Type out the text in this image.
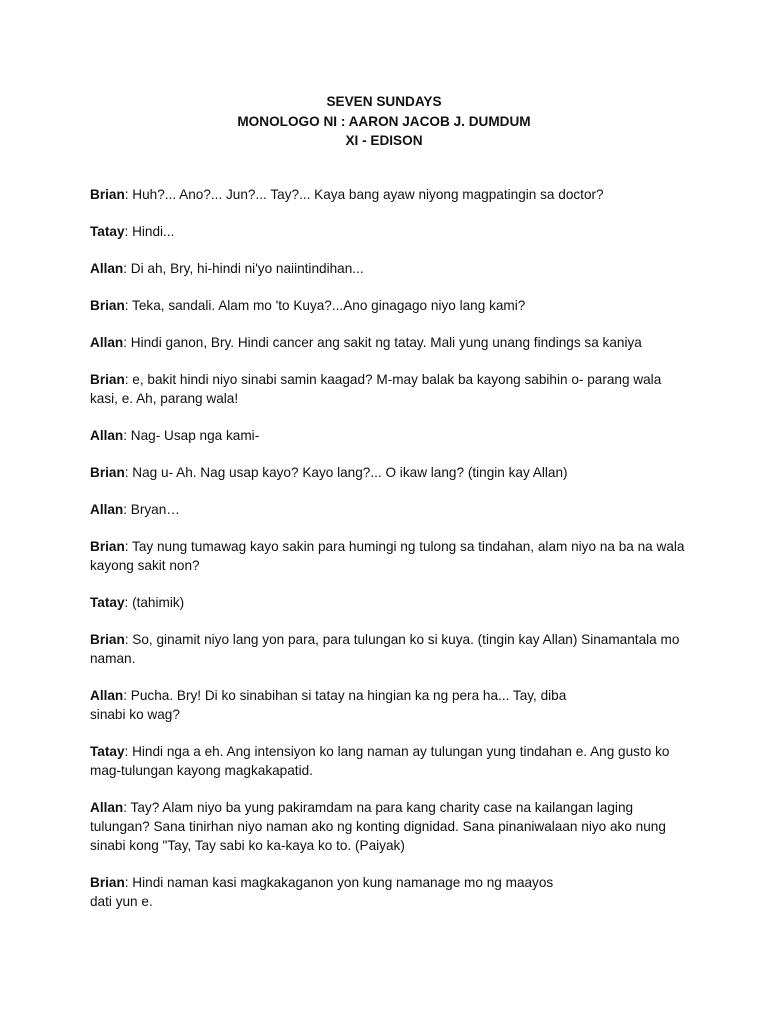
SEVEN SUNDAYS
MONOLOGO NI : AARON JACOB J. DUMDUM
XI - EDISON

Brian: Huh?... Ano?... Jun?... Tay?... Kaya bang ayaw niyong magpatingin sa doctor?

Tatay: Hindi...

Allan: Di ah, Bry, hi-hindi ni'yo naiintindihan...

Brian: Teka, sandali. Alam mo 'to Kuya?...Ano ginagago niyo lang kami?

Allan: Hindi ganon, Bry. Hindi cancer ang sakit ng tatay. Mali yung unang findings sa kaniya

Brian: e, bakit hindi niyo sinabi samin kaagad? M-may balak ba kayong sabihin o- parang wala kasi, e. Ah, parang wala!

Allan: Nag- Usap nga kami-

Brian: Nag u- Ah. Nag usap kayo? Kayo lang?... O ikaw lang? (tingin kay Allan)

Allan: Bryan…

Brian: Tay nung tumawag kayo sakin para humingi ng tulong sa tindahan, alam niyo na ba na wala kayong sakit non?

Tatay: (tahimik)

Brian: So, ginamit niyo lang yon para, para tulungan ko si kuya. (tingin kay Allan) Sinamantala mo naman.

Allan: Pucha. Bry! Di ko sinabihan si tatay na hingian ka ng pera ha... Tay, diba
sinabi ko wag?

Tatay: Hindi nga a eh. Ang intensiyon ko lang naman ay tulungan yung tindahan e. Ang gusto ko mag-tulungan kayong magkakapatid.

Allan: Tay? Alam niyo ba yung pakiramdam na para kang charity case na kailangan laging tulungan? Sana tinirhan niyo naman ako ng konting dignidad. Sana pinaniwalaan niyo ako nung sinabi kong "Tay, Tay sabi ko ka-kaya ko to. (Paiyak)

Brian: Hindi naman kasi magkakaganon yon kung namanage mo ng maayos
dati yun e.
